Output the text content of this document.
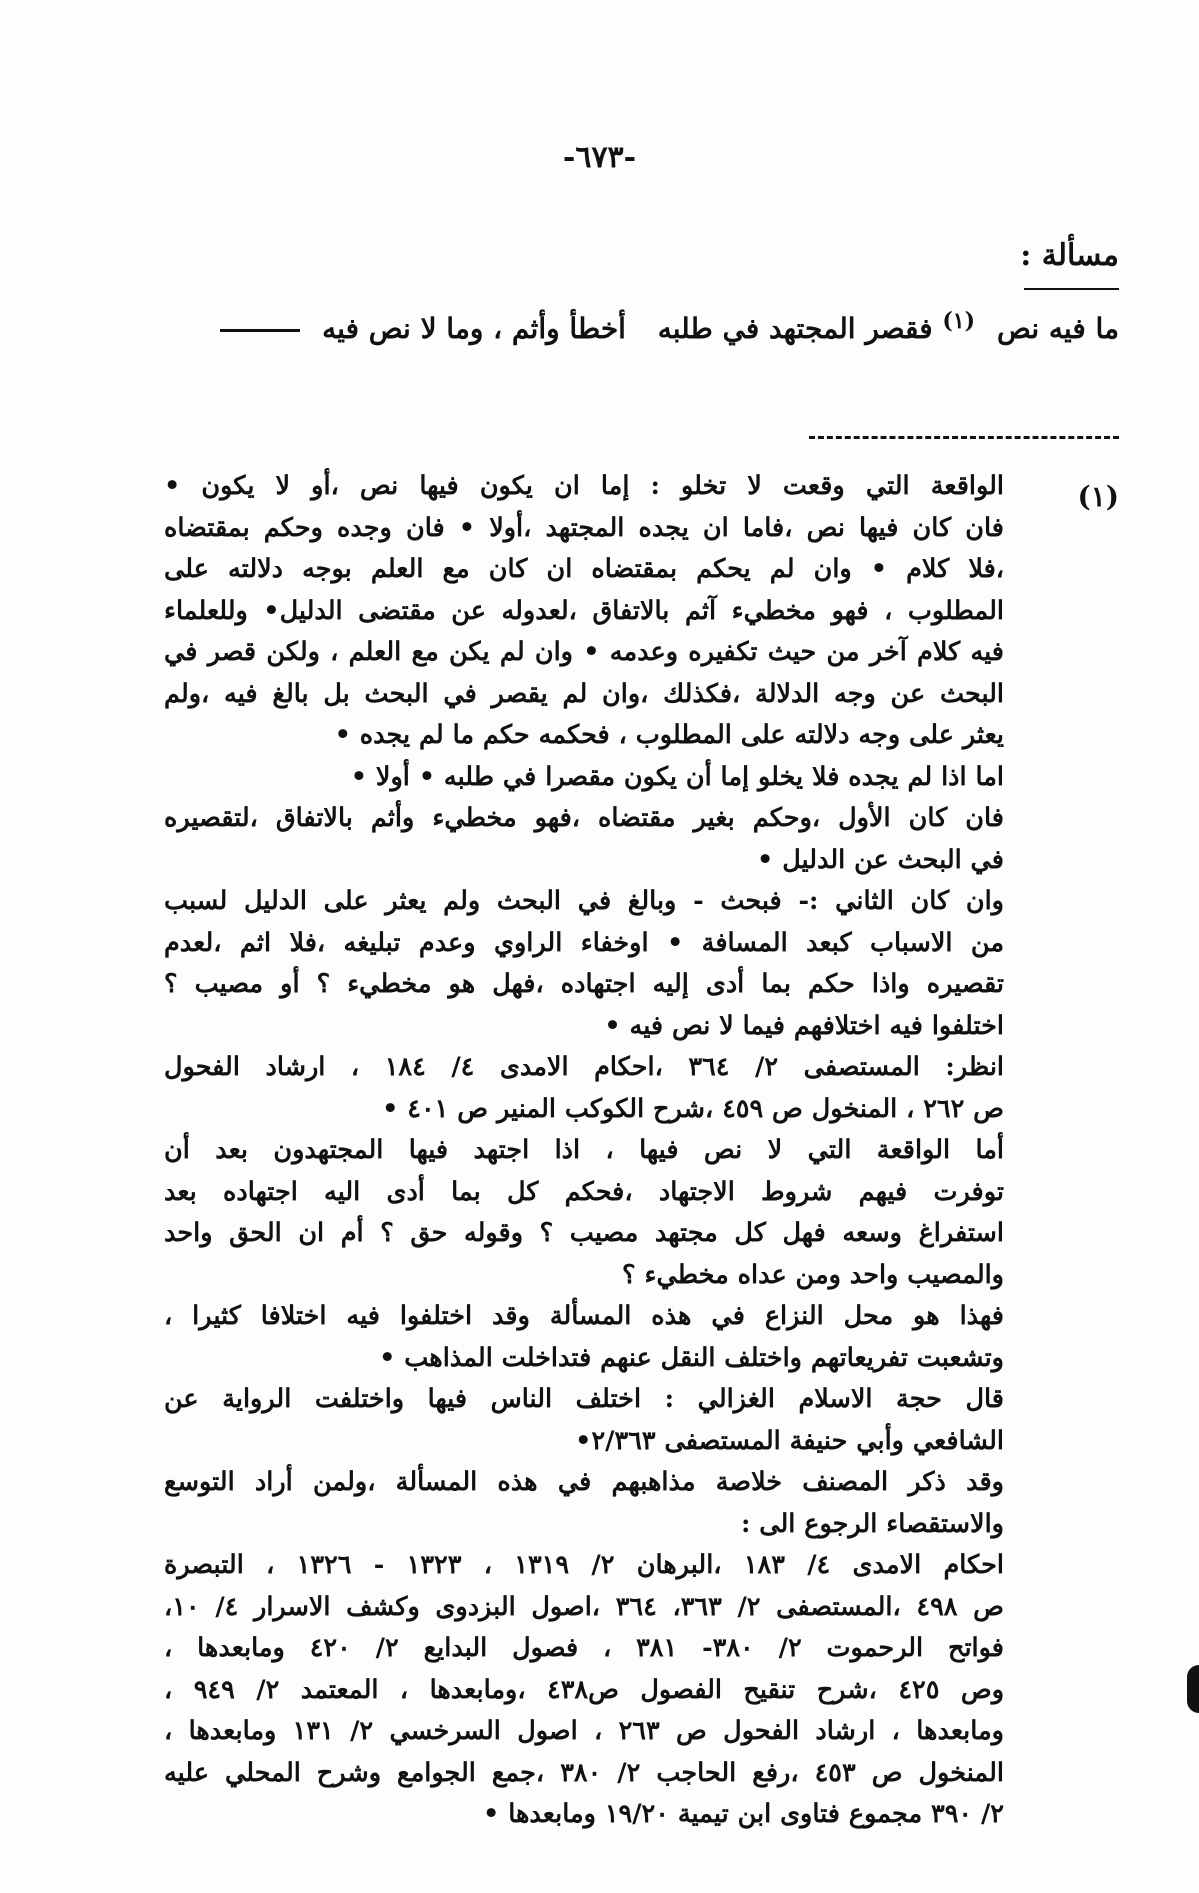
-٦٧٣-
مسألة :
ما فيه نص$^{(١)}$ فقصر المجتهد في طلبه أخطأ وأثم ، وما لا نص فيه
(١)
الواقعة التي وقعت لا تخلو : إما ان يكون فيها نص ،أو لا يكون •
فان كان فيها نص ،فاما ان يجده المجتهد ،أولا • فان وجده وحكم بمقتضاه
،فلا كلام • وان لم يحكم بمقتضاه ان كان مع العلم بوجه دلالته على
المطلوب ، فهو مخطيء آثم بالاتفاق ،لعدوله عن مقتضى الدليل• وللعلماء
فيه كلام آخر من حيث تكفيره وعدمه • وان لم يكن مع العلم ، ولكن قصر في
البحث عن وجه الدلالة ،فكذلك ،وان لم يقصر في البحث بل بالغ فيه ،ولم
يعثر على وجه دلالته على المطلوب ، فحكمه حكم ما لم يجده •
اما اذا لم يجده فلا يخلو إما أن يكون مقصرا في طلبه • أولا •
فان كان الأول ،وحكم بغير مقتضاه ،فهو مخطيء وأثم بالاتفاق ،لتقصيره
في البحث عن الدليل •
وان كان الثاني :- فبحث - وبالغ في البحث ولم يعثر على الدليل لسبب
من الاسباب كبعد المسافة • اوخفاء الراوي وعدم تبليغه ،فلا اثم ،لعدم
تقصيره واذا حكم بما أدى إليه اجتهاده ،فهل هو مخطيء ؟ أو مصيب ؟
اختلفوا فيه اختلافهم فيما لا نص فيه •
انظر: المستصفى ٢/ ٣٦٤ ،احكام الامدى ٤/ ١٨٤ ، ارشاد الفحول
ص ٢٦٢ ، المنخول ص ٤٥٩ ،شرح الكوكب المنير ص ٤٠١ •
أما الواقعة التي لا نص فيها ، اذا اجتهد فيها المجتهدون بعد أن
توفرت فيهم شروط الاجتهاد ،فحكم كل بما أدى اليه اجتهاده بعد
استفراغ وسعه فهل كل مجتهد مصيب ؟ وقوله حق ؟ أم ان الحق واحد
والمصيب واحد ومن عداه مخطيء ؟
فهذا هو محل النزاع في هذه المسألة وقد اختلفوا فيه اختلافا كثيرا ،
وتشعبت تفريعاتهم واختلف النقل عنهم فتداخلت المذاهب •
قال حجة الاسلام الغزالي : اختلف الناس فيها واختلفت الرواية عن
الشافعي وأبي حنيفة المستصفى ٢/٣٦٣•
وقد ذكر المصنف خلاصة مذاهبهم في هذه المسألة ،ولمن أراد التوسع
والاستقصاء الرجوع الى :
احكام الامدى ٤/ ١٨٣ ،البرهان ٢/ ١٣١٩ ، ١٣٢٣ - ١٣٢٦ ، التبصرة
ص ٤٩٨ ،المستصفى ٢/ ٣٦٣، ٣٦٤ ،اصول البزدوى وكشف الاسرار ٤/ ١٠،
فواتح الرحموت ٢/ ٣٨٠- ٣٨١ ، فصول البدايع ٢/ ٤٢٠ ومابعدها ،
وص ٤٢٥ ،شرح تنقيح الفصول ص٤٣٨ ،ومابعدها ، المعتمد ٢/ ٩٤٩ ،
ومابعدها ، ارشاد الفحول ص ٢٦٣ ، اصول السرخسي ٢/ ١٣١ ومابعدها ،
المنخول ص ٤٥٣ ،رفع الحاجب ٢/ ٣٨٠ ،جمع الجوامع وشرح المحلي عليه
٢/ ٣٩٠ مجموع فتاوى ابن تيمية ١٩/٢٠ ومابعدها •
